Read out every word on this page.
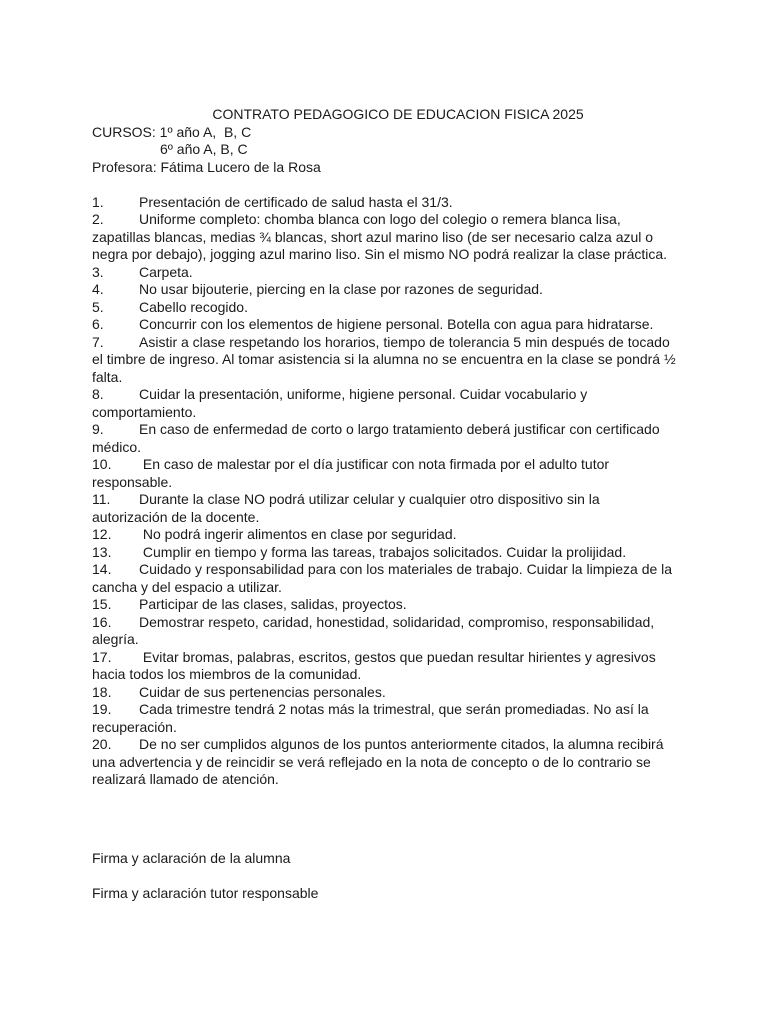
CONTRATO PEDAGOGICO DE EDUCACION FISICA 2025

CURSOS: 1º año A,  B, C

6º año A, B, C

Profesora: Fátima Lucero de la Rosa

1.	Presentación de certificado de salud hasta el 31/3.

2.	Uniforme completo: chomba blanca con logo del colegio o remera blanca lisa, zapatillas blancas, medias ¾ blancas, short azul marino liso (de ser necesario calza azul o negra por debajo), jogging azul marino liso. Sin el mismo NO podrá realizar la clase práctica.

3.	Carpeta.

4.	No usar bijouterie, piercing en la clase por razones de seguridad.

5.	Cabello recogido.

6.	Concurrir con los elementos de higiene personal. Botella con agua para hidratarse.

7.	Asistir a clase respetando los horarios, tiempo de tolerancia 5 min después de tocado el timbre de ingreso. Al tomar asistencia si la alumna no se encuentra en la clase se pondrá ½ falta.

8.	Cuidar la presentación, uniforme, higiene personal. Cuidar vocabulario y comportamiento.

9.	En caso de enfermedad de corto o largo tratamiento deberá justificar con certificado médico.

10. En caso de malestar por el día justificar con nota firmada por el adulto tutor responsable.

11. Durante la clase NO podrá utilizar celular y cualquier otro dispositivo sin la autorización de la docente.

12. No podrá ingerir alimentos en clase por seguridad.

13. Cumplir en tiempo y forma las tareas, trabajos solicitados. Cuidar la prolijidad.

14. Cuidado y responsabilidad para con los materiales de trabajo. Cuidar la limpieza de la cancha y del espacio a utilizar.

15. Participar de las clases, salidas, proyectos.

16. Demostrar respeto, caridad, honestidad, solidaridad, compromiso, responsabilidad, alegría.

17. Evitar bromas, palabras, escritos, gestos que puedan resultar hirientes y agresivos hacia todos los miembros de la comunidad.

18. Cuidar de sus pertenencias personales.

19. Cada trimestre tendrá 2 notas más la trimestral, que serán promediadas. No así la recuperación.

20. De no ser cumplidos algunos de los puntos anteriormente citados, la alumna recibirá una advertencia y de reincidir se verá reflejado en la nota de concepto o de lo contrario se realizará llamado de atención.

Firma y aclaración de la alumna

Firma y aclaración tutor responsable
